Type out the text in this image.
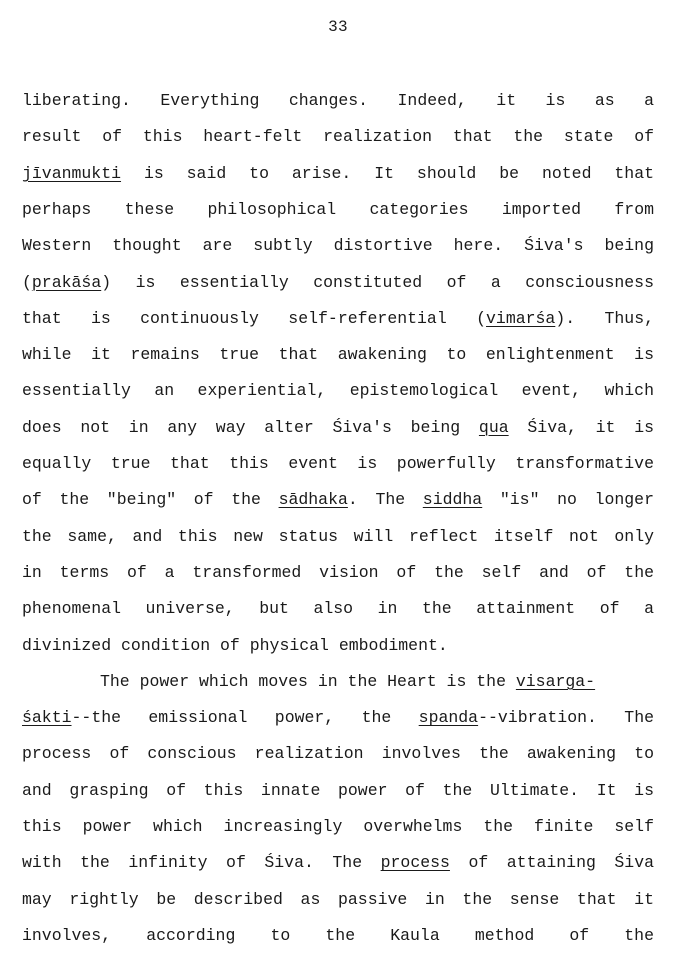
33
liberating. Everything changes. Indeed, it is as a
result of this heart-felt realization that the state of
jīvanmukti is said to arise. It should be noted that
perhaps these philosophical categories imported from
Western thought are subtly distortive here. Śiva's being
(prakāśa) is essentially constituted of a consciousness
that is continuously self-referential (vimarśa). Thus,
while it remains true that awakening to enlightenment is
essentially an experiential, epistemological event, which
does not in any way alter Śiva's being qua Śiva, it is
equally true that this event is powerfully transformative
of the "being" of the sādhaka. The siddha "is" no longer
the same, and this new status will reflect itself not only
in terms of a transformed vision of the self and of the
phenomenal universe, but also in the attainment of a
divinized condition of physical embodiment.
The power which moves in the Heart is the visarga-
śakti--the emissional power, the spanda--vibration. The
process of conscious realization involves the awakening to
and grasping of this innate power of the Ultimate. It is
this power which increasingly overwhelms the finite self
with the infinity of Śiva. The process of attaining Śiva
may rightly be described as passive in the sense that it
involves, according to the Kaula method of the
